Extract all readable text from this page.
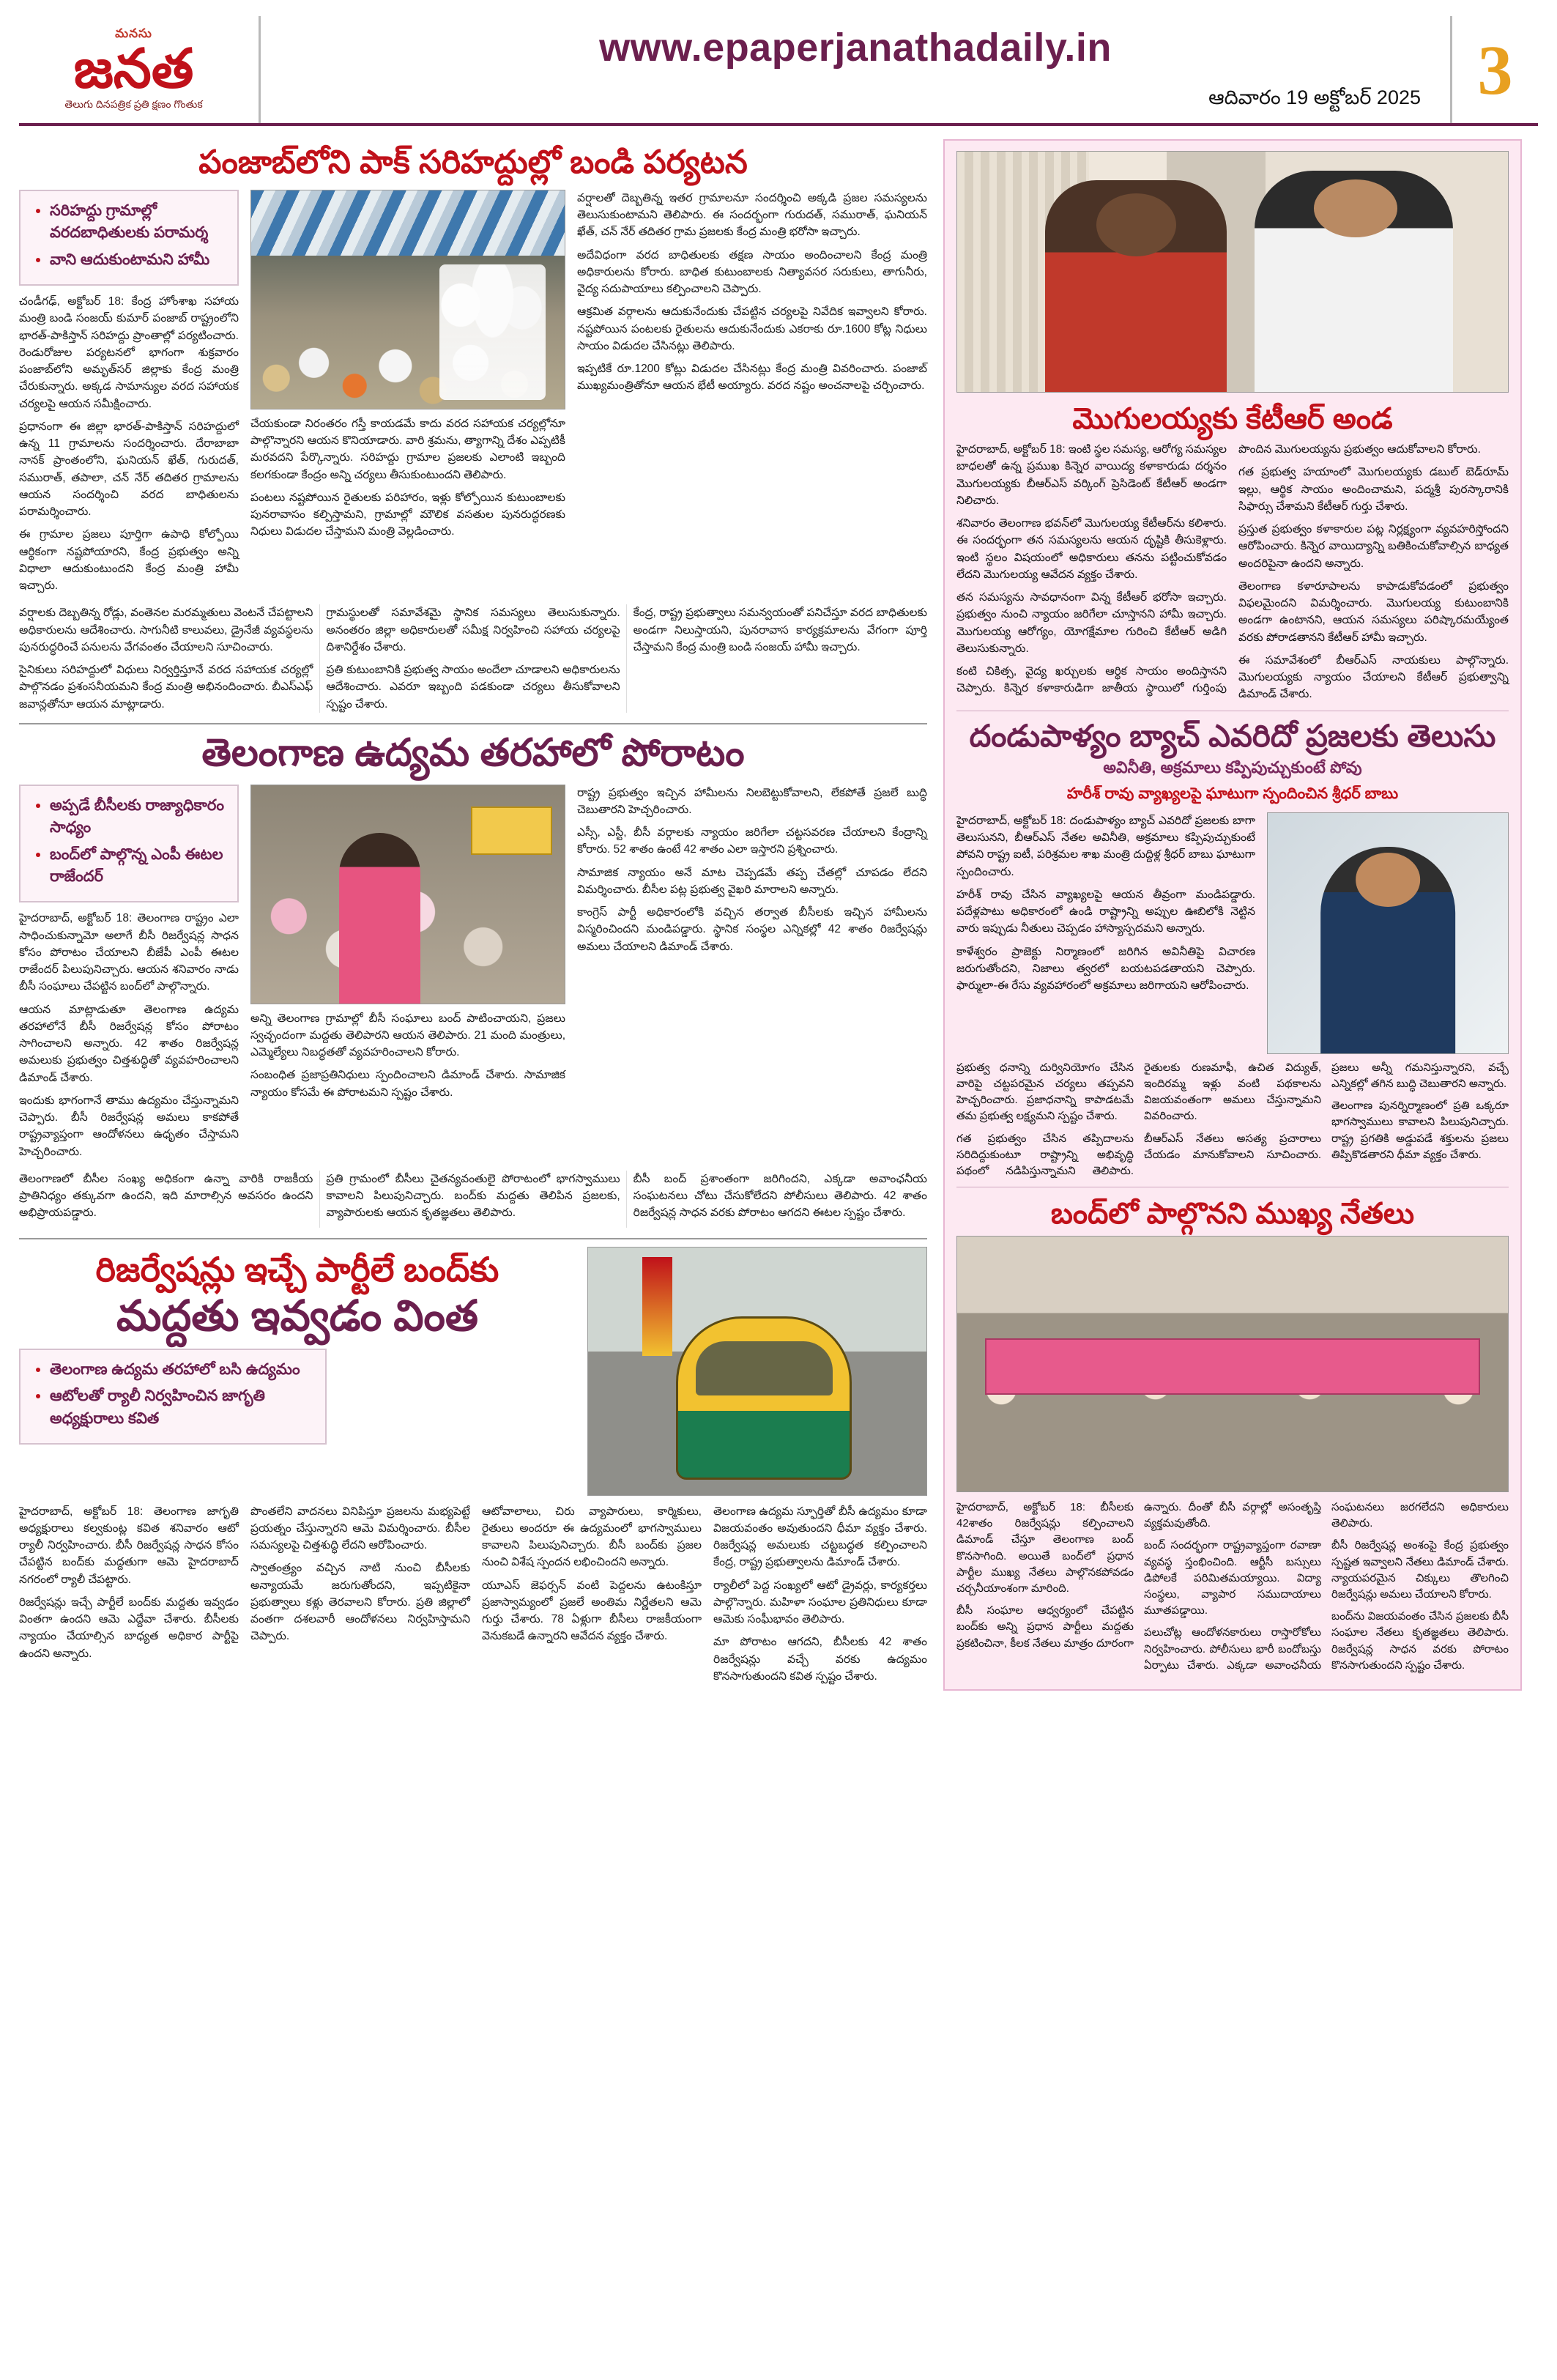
మనసు
జనత
తెలుగు దినపత్రిక ప్రతి క్షణం గొంతుక
www.epaperjanathadaily.in
ఆదివారం 19 అక్టోబర్ 2025 3
పంజాబ్‌లోని పాక్ సరిహద్దుల్లో బండి పర్యటన
• సరిహద్దు గ్రామాల్లో వరదబాధితులకు పరామర్శ
• వాని ఆదుకుంటామని హామీ

చండీగఢ్, అక్టోబర్ 18: కేంద్ర హోంశాఖ సహాయ మంత్రి బండి సంజయ్ కుమార్ పంజాబ్ రాష్ట్రంలోని భారత్-పాకిస్తాన్ సరిహద్దు ప్రాంతాల్లో పర్యటించారు. రెండురోజుల పర్యటనలో భాగంగా శుక్రవారం పంజాబ్‌లోని అమృత్‌సర్ జిల్లాకు కేంద్ర మంత్రి చేరుకున్నారు. అక్కడ సామాన్యుల వరద సహాయక చర్యలపై ఆయన సమీక్షించారు.

ప్రధానంగా ఈ జిల్లా భారత్-పాకిస్తాన్ సరిహద్దులో ఉన్న 11 గ్రామాలను సందర్శించారు. దేరాబాబా నానక్ ప్రాంతంలోని, ఘనియన్ ఖేత్, గురుదత్, సమురాత్, తపాలా, చన్ నేర్ తదితర గ్రామాలను ఆయన సందర్శించి వరద బాధితులను పరామర్శించారు.

ఈ గ్రామాల ప్రజలు పూర్తిగా ఉపాధి కోల్పోయి ఆర్థికంగా నష్టపోయారని, కేంద్ర ప్రభుత్వం అన్ని విధాలా ఆదుకుంటుందని కేంద్ర మంత్రి హామీ ఇచ్చారు.

చేయకుండా నిరంతరం గస్తీ కాయడమే కాదు వరద సహాయక చర్యల్లోనూ పాల్గొన్నారని ఆయన కొనియాడారు. వారి శ్రమను, త్యాగాన్ని దేశం ఎప్పటికీ మరవదని పేర్కొన్నారు. సరిహద్దు గ్రామాల ప్రజలకు ఎలాంటి ఇబ్బంది కలగకుండా కేంద్రం అన్ని చర్యలు తీసుకుంటుందని తెలిపారు.

పంటలు నష్టపోయిన రైతులకు పరిహారం, ఇళ్లు కోల్పోయిన కుటుంబాలకు పునరావాసం కల్పిస్తామని, గ్రామాల్లో మౌలిక వసతుల పునరుద్ధరణకు నిధులు విడుదల చేస్తామని మంత్రి వెల్లడించారు.

వర్షాలతో దెబ్బతిన్న ఇతర గ్రామాలనూ సందర్శించి అక్కడి ప్రజల సమస్యలను తెలుసుకుంటామని తెలిపారు. ఈ సందర్భంగా గురుదత్, సమురాత్, ఘనియన్ ఖేత్, చన్ నేర్ తదితర గ్రామ ప్రజలకు కేంద్ర మంత్రి భరోసా ఇచ్చారు.

అదేవిధంగా వరద బాధితులకు తక్షణ సాయం అందించాలని కేంద్ర మంత్రి అధికారులను కోరారు. బాధిత కుటుంబాలకు నిత్యావసర సరుకులు, తాగునీరు, వైద్య సదుపాయాలు కల్పించాలని చెప్పారు.

ఆక్రమిత వర్గాలను ఆదుకునేందుకు చేపట్టిన చర్యలపై నివేదిక ఇవ్వాలని కోరారు. నష్టపోయిన పంటలకు రైతులను ఆదుకునేందుకు ఎకరాకు రూ.1600 కోట్ల నిధులు సాయం విడుదల చేసినట్లు తెలిపారు.

ఇప్పటికే రూ.1200 కోట్లు విడుదల చేసినట్లు కేంద్ర మంత్రి వివరించారు. పంజాబ్ ముఖ్యమంత్రితోనూ ఆయన భేటీ అయ్యారు. వరద నష్టం అంచనాలపై చర్చించారు.

వర్షాలకు దెబ్బతిన్న రోడ్లు, వంతెనల మరమ్మతులు వెంటనే చేపట్టాలని అధికారులను ఆదేశించారు. సాగునీటి కాలువలు, డ్రైనేజీ వ్యవస్థలను పునరుద్ధరించే పనులను వేగవంతం చేయాలని సూచించారు.

సైనికులు సరిహద్దులో విధులు నిర్వర్తిస్తూనే వరద సహాయక చర్యల్లో పాల్గొనడం ప్రశంసనీయమని కేంద్ర మంత్రి అభినందించారు. బీఎస్‌ఎఫ్ జవాన్లతోనూ ఆయన మాట్లాడారు.

గ్రామస్థులతో సమావేశమై స్థానిక సమస్యలు తెలుసుకున్నారు. అనంతరం జిల్లా అధికారులతో సమీక్ష నిర్వహించి సహాయ చర్యలపై దిశానిర్దేశం చేశారు.

ప్రతి కుటుంబానికి ప్రభుత్వ సాయం అందేలా చూడాలని అధికారులను ఆదేశించారు. ఎవరూ ఇబ్బంది పడకుండా చర్యలు తీసుకోవాలని స్పష్టం చేశారు.

కేంద్ర, రాష్ట్ర ప్రభుత్వాలు సమన్వయంతో పనిచేస్తూ వరద బాధితులకు అండగా నిలుస్తాయని, పునరావాస కార్యక్రమాలను వేగంగా పూర్తి చేస్తామని కేంద్ర మంత్రి బండి సంజయ్ హామీ ఇచ్చారు.

తెలంగాణ ఉద్యమ తరహాలో పోరాటం
• అప్పడే బీసీలకు రాజ్యాధికారం సాధ్యం
• బంద్‌లో పాల్గొన్న ఎంపీ ఈటల రాజేందర్

హైదరాబాద్, అక్టోబర్ 18: తెలంగాణ రాష్ట్రం ఎలా సాధించుకున్నామో అలాగే బీసీ రిజర్వేషన్ల సాధన కోసం పోరాటం చేయాలని బీజేపీ ఎంపీ ఈటల రాజేందర్ పిలుపునిచ్చారు. ఆయన శనివారం నాడు బీసీ సంఘాలు చేపట్టిన బంద్‌లో పాల్గొన్నారు.

ఆయన మాట్లాడుతూ తెలంగాణ ఉద్యమ తరహాలోనే బీసీ రిజర్వేషన్ల కోసం పోరాటం సాగించాలని అన్నారు. 42 శాతం రిజర్వేషన్ల అమలుకు ప్రభుత్వం చిత్తశుద్ధితో వ్యవహరించాలని డిమాండ్ చేశారు.

ఇందుకు భాగంగానే తాము ఉద్యమం చేస్తున్నామని చెప్పారు. బీసీ రిజర్వేషన్ల అమలు కాకపోతే రాష్ట్రవ్యాప్తంగా ఆందోళనలు ఉధృతం చేస్తామని హెచ్చరించారు.

అన్ని తెలంగాణ గ్రామాల్లో బీసీ సంఘాలు బంద్ పాటించాయని, ప్రజలు స్వచ్ఛందంగా మద్దతు తెలిపారని ఆయన తెలిపారు. 21 మంది మంత్రులు, ఎమ్మెల్యేలు నిబద్ధతతో వ్యవహరించాలని కోరారు.

సంబంధిత ప్రజాప్రతినిధులు స్పందించాలని డిమాండ్ చేశారు. సామాజిక న్యాయం కోసమే ఈ పోరాటమని స్పష్టం చేశారు.

రాష్ట్ర ప్రభుత్వం ఇచ్చిన హామీలను నిలబెట్టుకోవాలని, లేకపోతే ప్రజలే బుద్ధి చెబుతారని హెచ్చరించారు.

ఎస్సీ, ఎస్టీ, బీసీ వర్గాలకు న్యాయం జరిగేలా చట్టసవరణ చేయాలని కేంద్రాన్ని కోరారు. 52 శాతం ఉంటే 42 శాతం ఎలా ఇస్తారని ప్రశ్నించారు.

సామాజిక న్యాయం అనే మాట చెప్పడమే తప్ప చేతల్లో చూపడం లేదని విమర్శించారు. బీసీల పట్ల ప్రభుత్వ వైఖరి మారాలని అన్నారు.

కాంగ్రెస్ పార్టీ అధికారంలోకి వచ్చిన తర్వాత బీసీలకు ఇచ్చిన హామీలను విస్మరించిందని మండిపడ్డారు. స్థానిక సంస్థల ఎన్నికల్లో 42 శాతం రిజర్వేషన్లు అమలు చేయాలని డిమాండ్ చేశారు.

తెలంగాణలో బీసీల సంఖ్య అధికంగా ఉన్నా వారికి రాజకీయ ప్రాతినిధ్యం తక్కువగా ఉందని, ఇది మారాల్సిన అవసరం ఉందని అభిప్రాయపడ్డారు.

ప్రతి గ్రామంలో బీసీలు చైతన్యవంతులై పోరాటంలో భాగస్వాములు కావాలని పిలుపునిచ్చారు. బంద్‌కు మద్దతు తెలిపిన ప్రజలకు, వ్యాపారులకు ఆయన కృతజ్ఞతలు తెలిపారు.

బీసీ బంద్ ప్రశాంతంగా జరిగిందని, ఎక్కడా అవాంఛనీయ సంఘటనలు చోటు చేసుకోలేదని పోలీసులు తెలిపారు. 42 శాతం రిజర్వేషన్ల సాధన వరకు పోరాటం ఆగదని ఈటల స్పష్టం చేశారు.

రిజర్వేషన్లు ఇచ్చే పార్టీలే బంద్‌కు
మద్దతు ఇవ్వడం వింత
• తెలంగాణ ఉద్యమ తరహాలో బసి ఉద్యమం
• ఆటోలతో ర్యాలీ నిర్వహించిన జాగృతి అధ్యక్షురాలు కవిత

హైదరాబాద్, అక్టోబర్ 18: తెలంగాణ జాగృతి అధ్యక్షురాలు కల్వకుంట్ల కవిత శనివారం ఆటో ర్యాలీ నిర్వహించారు. బీసీ రిజర్వేషన్ల సాధన కోసం చేపట్టిన బంద్‌కు మద్దతుగా ఆమె హైదరాబాద్ నగరంలో ర్యాలీ చేపట్టారు.

రిజర్వేషన్లు ఇచ్చే పార్టీలే బంద్‌కు మద్దతు ఇవ్వడం వింతగా ఉందని ఆమె ఎద్దేవా చేశారు. బీసీలకు న్యాయం చేయాల్సిన బాధ్యత అధికార పార్టీపై ఉందని అన్నారు.

పొంతలేని వాదనలు వినిపిస్తూ ప్రజలను మభ్యపెట్టే ప్రయత్నం చేస్తున్నారని ఆమె విమర్శించారు. బీసీల సమస్యలపై చిత్తశుద్ధి లేదని ఆరోపించారు.

స్వాతంత్ర్యం వచ్చిన నాటి నుంచి బీసీలకు అన్యాయమే జరుగుతోందని, ఇప్పటికైనా ప్రభుత్వాలు కళ్లు తెరవాలని కోరారు. ప్రతి జిల్లాలో వంతగా దశలవారీ ఆందోళనలు నిర్వహిస్తామని చెప్పారు.

ఆటోవాలాలు, చిరు వ్యాపారులు, కార్మికులు, రైతులు అందరూ ఈ ఉద్యమంలో భాగస్వాములు కావాలని పిలుపునిచ్చారు. బీసీ బంద్‌కు ప్రజల నుంచి విశేష స్పందన లభించిందని అన్నారు.

యూఎస్ జెఫర్సన్ వంటి పెద్దలను ఉటంకిస్తూ ప్రజాస్వామ్యంలో ప్రజలే అంతిమ నిర్ణేతలని ఆమె గుర్తు చేశారు. 78 ఏళ్లుగా బీసీలు రాజకీయంగా వెనుకబడే ఉన్నారని ఆవేదన వ్యక్తం చేశారు.

తెలంగాణ ఉద్యమ స్ఫూర్తితో బీసీ ఉద్యమం కూడా విజయవంతం అవుతుందని ధీమా వ్యక్తం చేశారు. రిజర్వేషన్ల అమలుకు చట్టబద్ధత కల్పించాలని కేంద్ర, రాష్ట్ర ప్రభుత్వాలను డిమాండ్ చేశారు.

ర్యాలీలో పెద్ద సంఖ్యలో ఆటో డ్రైవర్లు, కార్యకర్తలు పాల్గొన్నారు. మహిళా సంఘాల ప్రతినిధులు కూడా ఆమెకు సంఘీభావం తెలిపారు.

మా పోరాటం ఆగదని, బీసీలకు 42 శాతం రిజర్వేషన్లు వచ్చే వరకు ఉద్యమం కొనసాగుతుందని కవిత స్పష్టం చేశారు.

మొగులయ్యకు కేటీఆర్ అండ

హైదరాబాద్, అక్టోబర్ 18: ఇంటి స్థల సమస్య, ఆరోగ్య సమస్యల బాధలతో ఉన్న ప్రముఖ కిన్నెర వాయిద్య కళాకారుడు దర్శనం మొగులయ్యకు బీఆర్ఎస్ వర్కింగ్ ప్రెసిడెంట్ కేటీఆర్ అండగా నిలిచారు.

శనివారం తెలంగాణ భవన్‌లో మొగులయ్య కేటీఆర్‌ను కలిశారు. ఈ సందర్భంగా తన సమస్యలను ఆయన దృష్టికి తీసుకెళ్లారు. ఇంటి స్థలం విషయంలో అధికారులు తనను పట్టించుకోవడం లేదని మొగులయ్య ఆవేదన వ్యక్తం చేశారు.

తన సమస్యను సావధానంగా విన్న కేటీఆర్ భరోసా ఇచ్చారు. ప్రభుత్వం నుంచి న్యాయం జరిగేలా చూస్తానని హామీ ఇచ్చారు. మొగులయ్య ఆరోగ్యం, యోగక్షేమాల గురించి కేటీఆర్ అడిగి తెలుసుకున్నారు.

కంటి చికిత్స, వైద్య ఖర్చులకు ఆర్థిక సాయం అందిస్తానని చెప్పారు. కిన్నెర కళాకారుడిగా జాతీయ స్థాయిలో గుర్తింపు పొందిన మొగులయ్యను ప్రభుత్వం ఆదుకోవాలని కోరారు.

గత ప్రభుత్వ హయాంలో మొగులయ్యకు డబుల్ బెడ్‌రూమ్ ఇల్లు, ఆర్థిక సాయం అందించామని, పద్మశ్రీ పురస్కారానికి సిఫార్సు చేశామని కేటీఆర్ గుర్తు చేశారు.

ప్రస్తుత ప్రభుత్వం కళాకారుల పట్ల నిర్లక్ష్యంగా వ్యవహరిస్తోందని ఆరోపించారు. కిన్నెర వాయిద్యాన్ని బతికించుకోవాల్సిన బాధ్యత అందరిపైనా ఉందని అన్నారు.

తెలంగాణ కళారూపాలను కాపాడుకోవడంలో ప్రభుత్వం విఫలమైందని విమర్శించారు. మొగులయ్య కుటుంబానికి అండగా ఉంటానని, ఆయన సమస్యలు పరిష్కారమయ్యేంత వరకు పోరాడతానని కేటీఆర్ హామీ ఇచ్చారు.

ఈ సమావేశంలో బీఆర్ఎస్ నాయకులు పాల్గొన్నారు. మొగులయ్యకు న్యాయం చేయాలని కేటీఆర్ ప్రభుత్వాన్ని డిమాండ్ చేశారు.

దండుపాళ్యం బ్యాచ్ ఎవరిదో ప్రజలకు తెలుసు
అవినీతి, అక్రమాలు కప్పిపుచ్చుకుంటే పోవు
హరీశ్ రావు వ్యాఖ్యలపై ఘాటుగా స్పందించిన శ్రీధర్ బాబు

హైదరాబాద్, అక్టోబర్ 18: దండుపాళ్యం బ్యాచ్ ఎవరిదో ప్రజలకు బాగా తెలుసునని, బీఆర్ఎస్ నేతల అవినీతి, అక్రమాలు కప్పిపుచ్చుకుంటే పోవని రాష్ట్ర ఐటీ, పరిశ్రమల శాఖ మంత్రి దుద్దిళ్ల శ్రీధర్ బాబు ఘాటుగా స్పందించారు.

హరీశ్ రావు చేసిన వ్యాఖ్యలపై ఆయన తీవ్రంగా మండిపడ్డారు. పదేళ్లపాటు అధికారంలో ఉండి రాష్ట్రాన్ని అప్పుల ఊబిలోకి నెట్టిన వారు ఇప్పుడు నీతులు చెప్పడం హాస్యాస్పదమని అన్నారు.

కాళేశ్వరం ప్రాజెక్టు నిర్మాణంలో జరిగిన అవినీతిపై విచారణ జరుగుతోందని, నిజాలు త్వరలో బయటపడతాయని చెప్పారు. ఫార్ములా-ఈ రేసు వ్యవహారంలో అక్రమాలు జరిగాయని ఆరోపించారు.

ప్రభుత్వ ధనాన్ని దుర్వినియోగం చేసిన వారిపై చట్టపరమైన చర్యలు తప్పవని హెచ్చరించారు. ప్రజాధనాన్ని కాపాడటమే తమ ప్రభుత్వ లక్ష్యమని స్పష్టం చేశారు.

గత ప్రభుత్వం చేసిన తప్పిదాలను సరిదిద్దుకుంటూ రాష్ట్రాన్ని అభివృద్ధి పథంలో నడిపిస్తున్నామని తెలిపారు. రైతులకు రుణమాఫీ, ఉచిత విద్యుత్, ఇందిరమ్మ ఇళ్లు వంటి పథకాలను విజయవంతంగా అమలు చేస్తున్నామని వివరించారు.

బీఆర్ఎస్ నేతలు అసత్య ప్రచారాలు చేయడం మానుకోవాలని సూచించారు. ప్రజలు అన్నీ గమనిస్తున్నారని, వచ్చే ఎన్నికల్లో తగిన బుద్ధి చెబుతారని అన్నారు.

తెలంగాణ పునర్నిర్మాణంలో ప్రతి ఒక్కరూ భాగస్వాములు కావాలని పిలుపునిచ్చారు. రాష్ట్ర ప్రగతికి అడ్డుపడే శక్తులను ప్రజలు తిప్పికొడతారని ధీమా వ్యక్తం చేశారు.

బంద్‌లో పాల్గొనని ముఖ్య నేతలు

హైదరాబాద్, అక్టోబర్ 18: బీసీలకు 42శాతం రిజర్వేషన్లు కల్పించాలని డిమాండ్ చేస్తూ తెలంగాణ బంద్ కొనసాగింది. అయితే బంద్‌లో ప్రధాన పార్టీల ముఖ్య నేతలు పాల్గొనకపోవడం చర్చనీయాంశంగా మారింది.

బీసీ సంఘాల ఆధ్వర్యంలో చేపట్టిన బంద్‌కు అన్ని ప్రధాన పార్టీలు మద్దతు ప్రకటించినా, కీలక నేతలు మాత్రం దూరంగా ఉన్నారు. దీంతో బీసీ వర్గాల్లో అసంతృప్తి వ్యక్తమవుతోంది.

బంద్ సందర్భంగా రాష్ట్రవ్యాప్తంగా రవాణా వ్యవస్థ స్తంభించింది. ఆర్టీసీ బస్సులు డిపోలకే పరిమితమయ్యాయి. విద్యా సంస్థలు, వ్యాపార సముదాయాలు మూతపడ్డాయి.

పలుచోట్ల ఆందోళనకారులు రాస్తారోకోలు నిర్వహించారు. పోలీసులు భారీ బందోబస్తు ఏర్పాటు చేశారు. ఎక్కడా అవాంఛనీయ సంఘటనలు జరగలేదని అధికారులు తెలిపారు.

బీసీ రిజర్వేషన్ల అంశంపై కేంద్ర ప్రభుత్వం స్పష్టత ఇవ్వాలని నేతలు డిమాండ్ చేశారు. న్యాయపరమైన చిక్కులు తొలగించి రిజర్వేషన్లు అమలు చేయాలని కోరారు.

బంద్‌ను విజయవంతం చేసిన ప్రజలకు బీసీ సంఘాల నేతలు కృతజ్ఞతలు తెలిపారు. రిజర్వేషన్ల సాధన వరకు పోరాటం కొనసాగుతుందని స్పష్టం చేశారు.
